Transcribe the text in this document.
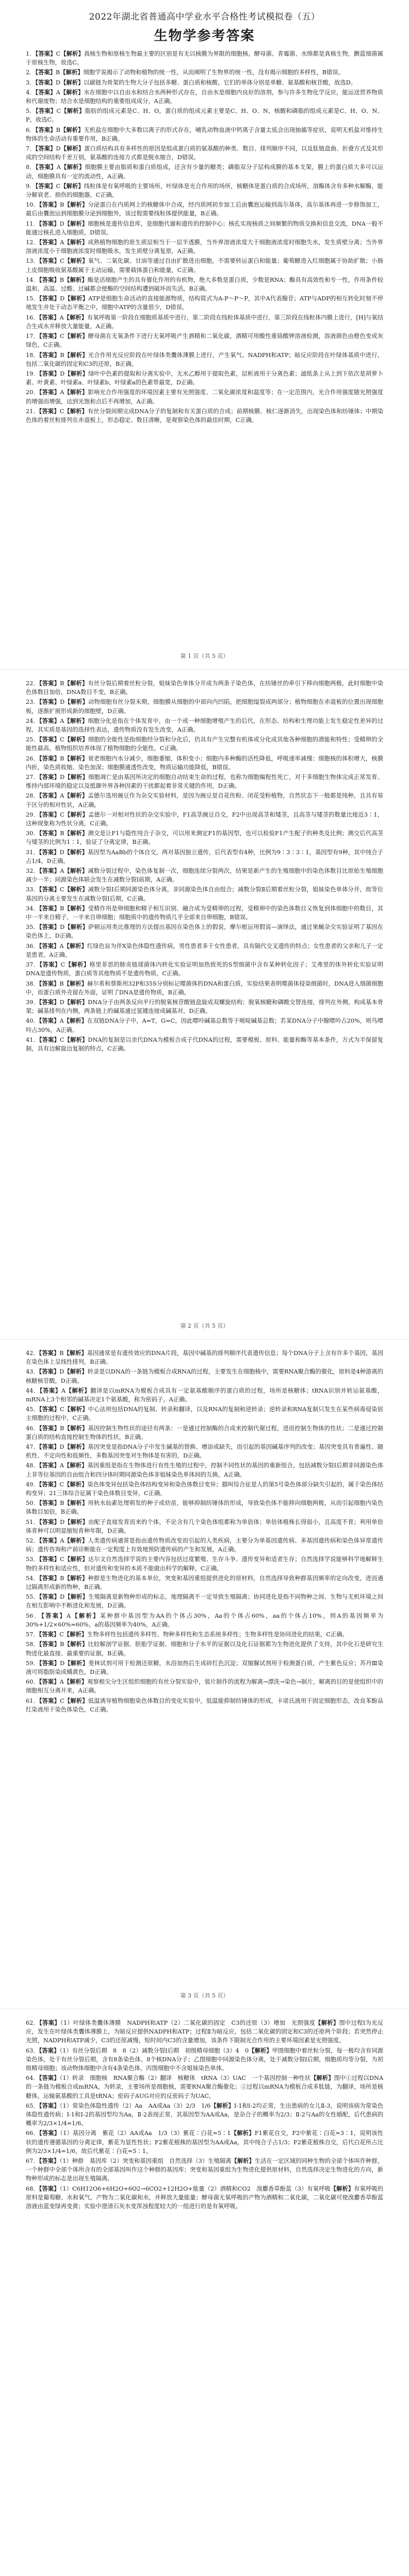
2022年湖北省普通高中学业水平合格性考试模拟卷（五）
生物学参考答案

1．【答案】C【解析】真核生物和原核生物最主要的区别是有无以核膜为界限的细胞核。酵母菌、青霉菌、水绵都是真核生物，颤蓝细菌属于原核生物，故选C。

2．【答案】B【解析】细胞学说揭示了动物和植物的统一性，从而阐明了生物界的统一性，没有揭示细胞的多样性，B错误。

3．【答案】D【解析】以碳链为骨架的生物大分子包括多糖、蛋白质和核酸，它们的单体分别是单糖、氨基酸和核苷酸，故选D。

4．【答案】A【解析】水在细胞中以自由水和结合水两种形式存在，自由水是细胞内良好的溶剂，参与许多生物化学反应，能运送营养物质和代谢废物；结合水是细胞结构的重要组成成分，A正确。

5．【答案】C【解析】脂肪的组成元素是C、H、O，蛋白质的组成元素主要是C、H、O、N，核酸和磷脂的组成元素是C、H、O、N、P，故选C。

6．【答案】B【解析】无机盐在细胞中大多数以离子的形式存在，哺乳动物血液中钙离子含量太低会出现抽搐等症状，说明无机盐对维持生物体的生命活动有重要作用，B正确。

7．【答案】D【解析】蛋白质结构具有多样性的原因是组成蛋白质的氨基酸的种类、数目、排列顺序不同，以及肽链盘曲、折叠方式及其形成的空间结构千差万别，氨基酸的连接方式都是脱水缩合，D错误。

8．【答案】A【解析】细胞膜主要由脂质和蛋白质组成，还含有少量的糖类；磷脂双分子层构成膜的基本支架，膜上的蛋白质大多可以运动，细胞膜具有一定的流动性，A正确。

9．【答案】C【解析】线粒体是有氧呼吸的主要场所，叶绿体是光合作用的场所，核糖体是蛋白质的合成场所，溶酶体含有多种水解酶，能分解衰老、损伤的细胞器，C正确。

10．【答案】B【解析】分泌蛋白在内质网上的核糖体中合成，经内质网初步加工后由囊泡运输到高尔基体，高尔基体再进一步修饰加工，最后由囊泡运到细胞膜分泌到细胞外，该过程需要线粒体提供能量，B正确。

11．【答案】D【解析】细胞核是遗传信息库，是细胞代谢和遗传的控制中心；核孔实现核质之间频繁的物质交换和信息交流，DNA一般不能通过核孔进入细胞质，D错误。

12．【答案】A【解析】成熟植物细胞的原生质层相当于一层半透膜，当外界溶液浓度大于细胞液浓度时细胞失水，发生质壁分离；当外界溶液浓度小于细胞液浓度时细胞吸水，发生质壁分离复原，A正确。

13．【答案】C【解析】氧气、二氧化碳、甘油等通过自由扩散进出细胞，不需要转运蛋白和能量；葡萄糖进入红细胞属于协助扩散；小肠上皮细胞吸收氨基酸属于主动运输，需要载体蛋白和能量，C正确。

14．【答案】B【解析】酶是活细胞产生的具有催化作用的有机物，绝大多数是蛋白质，少数是RNA；酶具有高效性和专一性，作用条件较温和，高温、过酸、过碱都会使酶的空间结构遭到破坏而失活，B正确。

15．【答案】D【解析】ATP是细胞生命活动的直接能源物质，结构简式为A-P～P～P，其中A代表腺苷；ATP与ADP的相互转化时刻不停地发生并处于动态平衡之中，细胞中ATP的含量很少，D错误。

16．【答案】A【解析】有氧呼吸第一阶段在细胞质基质中进行，第二阶段在线粒体基质中进行，第三阶段在线粒体内膜上进行，[H]与氧结合生成水并释放大量能量，A正确。

17．【答案】C【解析】酵母菌在无氧条件下进行无氧呼吸产生酒精和二氧化碳，酒精可用酸性重铬酸钾溶液检测，溶液颜色由橙色变成灰绿色，C正确。

18．【答案】B【解析】光合作用光反应阶段在叶绿体类囊体薄膜上进行，产生氧气、NADPH和ATP；暗反应阶段在叶绿体基质中进行，包括二氧化碳的固定和C3的还原，B正确。

19．【答案】D【解析】绿叶中色素的提取和分离实验中，无水乙醇用于提取色素，层析液用于分离色素；滤纸条上从上到下依次是胡萝卜素、叶黄素、叶绿素a、叶绿素b，叶绿素a的色素带最宽，D正确。

20．【答案】A【解析】影响光合作用强度的环境因素主要有光照强度、二氧化碳浓度和温度等；在一定范围内，光合作用强度随光照强度的增强而增强，达到光饱和点后不再增加，A正确。

21．【答案】C【解析】有丝分裂间期完成DNA分子的复制和有关蛋白质的合成；前期核膜、核仁逐渐消失，出现染色体和纺锤体；中期染色体的着丝粒排列在赤道板上，形态稳定、数目清晰，是观察染色体的最佳时期，C正确。

第 1 页（共 5 页）

22．【答案】B【解析】有丝分裂后期着丝粒分裂，姐妹染色单体分开成为两条子染色体，在纺锤丝的牵引下移向细胞两极，此时细胞中染色体数目加倍，DNA数目不变，B正确。

23．【答案】D【解析】动物细胞有丝分裂末期，细胞膜从细胞的中部向内凹陷，把细胞缢裂成两部分；植物细胞在赤道板的位置出现细胞板，逐渐扩展形成新的细胞壁，D正确。

24．【答案】A【解析】细胞分化是指在个体发育中，由一个或一种细胞增殖产生的后代，在形态、结构和生理功能上发生稳定性差异的过程，其实质是基因的选择性表达，遗传物质没有发生改变，A正确。

25．【答案】C【解析】细胞的全能性是指细胞经分裂和分化后，仍具有产生完整有机体或分化成其他各种细胞的潜能和特性；受精卵的全能性最高，植物组织培养体现了植物细胞的全能性，C正确。

26．【答案】B【解析】衰老细胞内水分减少，细胞萎缩，体积变小；细胞内多种酶的活性降低，呼吸速率减慢；细胞核的体积增大，核膜内折，染色质收缩、染色加深；细胞膜通透性改变，物质运输功能降低，B错误。

27．【答案】D【解析】细胞凋亡是由基因所决定的细胞自动结束生命的过程，也称为细胞编程性死亡，对于多细胞生物体完成正常发育、维持内部环境的稳定以及抵御外界各种因素的干扰都起着非常关键的作用，D正确。

28．【答案】A【解析】孟德尔选用豌豆作为杂交实验材料，是因为豌豆是自花传粉、闭花受粉植物，自然状态下一般都是纯种，且具有易于区分的相对性状，A正确。

29．【答案】C【解析】孟德尔一对相对性状的杂交实验中，F1高茎豌豆自交，F2中出现高茎和矮茎，且高茎与矮茎的数量比接近3∶1，这种现象称为性状分离，C正确。

30．【答案】B【解析】测交是让F1与隐性纯合子杂交，可以用来测定F1的基因型，也可以检验F1产生配子的种类及比例；测交后代高茎与矮茎的比例为1∶1，验证了分离定律，B正确。

31．【答案】D【解析】基因型为AaBb的个体自交，两对基因独立遗传，后代表型有4种，比例为9∶3∶3∶1，基因型有9种，其中纯合子占1/4，D正确。

32．【答案】A【解析】减数分裂过程中，染色体复制一次，细胞连续分裂两次，结果是新产生的生殖细胞中的染色体数目比原始生殖细胞减少一半；同源染色体联会发生在减数分裂Ⅰ前期，A正确。

33．【答案】C【解析】减数分裂Ⅰ后期同源染色体分离，非同源染色体自由组合；减数分裂Ⅱ后期着丝粒分裂，姐妹染色单体分开，故等位基因的分离主要发生在减数分裂Ⅰ后期，C正确。

34．【答案】B【解析】受精作用是卵细胞和精子相互识别、融合成为受精卵的过程，受精卵中的染色体数目又恢复到体细胞中的数目，其中一半来自精子，一半来自卵细胞；细胞质中的遗传物质几乎全部来自卵细胞，B错误。

35．【答案】D【解析】萨顿运用类比推理的方法提出基因在染色体上的假说，摩尔根运用假说—演绎法，通过果蝇杂交实验证明了基因在染色体上，D正确。

36．【答案】A【解析】红绿色盲为伴X染色体隐性遗传病，男性患者多于女性患者，具有隔代交叉遗传的特点；女性患者的父亲和儿子一定是患者，A正确。

37．【答案】C【解析】格里菲思的肺炎链球菌体内转化实验证明加热致死的S型细菌中含有某种转化因子；艾弗里的体外转化实验证明DNA是遗传物质，蛋白质等其他物质不是遗传物质，C正确。

38．【答案】B【解析】赫尔希和蔡斯用32P和35S分别标记噬菌体的DNA和蛋白质，实验结果表明噬菌体侵染细菌时，DNA进入细菌细胞中，而蛋白质外壳留在外面，证明了DNA是遗传物质，B正确。

39．【答案】D【解析】DNA分子由两条反向平行的脱氧核苷酸链盘旋成双螺旋结构；脱氧核糖和磷酸交替连接，排列在外侧，构成基本骨架；碱基排列在内侧，两条链上的碱基通过氢键连接成碱基对，D正确。

40．【答案】A【解析】在双链DNA分子中，A=T，G=C，因此嘌呤碱基总数等于嘧啶碱基总数；若某DNA分子中腺嘌呤占20%，则鸟嘌呤占30%，A正确。

41．【答案】C【解析】DNA的复制是以亲代DNA为模板合成子代DNA的过程，需要模板、原料、能量和酶等基本条件，方式为半保留复制，具有边解旋边复制的特点，C正确。

第 2 页（共 5 页）

42．【答案】B【解析】基因通常是有遗传效应的DNA片段，基因中碱基的排列顺序代表遗传信息；每个DNA分子上含有许多个基因，基因在染色体上呈线性排列，B正确。

43．【答案】D【解析】转录是以DNA的一条链为模板合成RNA的过程，主要发生在细胞核中，需要RNA聚合酶的催化，原料是4种游离的核糖核苷酸，D正确。

44．【答案】A【解析】翻译是以mRNA为模板合成具有一定氨基酸顺序的蛋白质的过程，场所是核糖体；tRNA识别并转运氨基酸，mRNA上3个相邻的碱基决定1个氨基酸，称为密码子，A正确。

45．【答案】C【解析】中心法则包括DNA的复制、转录和翻译，以及RNA的复制和逆转录；逆转录和RNA复制只发生在某些病毒侵染宿主细胞的过程中，C正确。

46．【答案】B【解析】基因控制生物性状的途径有两条：一是通过控制酶的合成来控制代谢过程，进而控制生物体的性状；二是通过控制蛋白质的结构直接控制生物体的性状，B正确。

47．【答案】D【解析】基因突变是指DNA分子中发生碱基的替换、增添或缺失，而引起的基因碱基序列的改变；基因突变具有普遍性、随机性、不定向性和低频性，多数基因突变对生物体是有害的，D正确。

48．【答案】A【解析】基因重组是指在生物体进行有性生殖的过程中，控制不同性状的基因的重新组合，包括减数分裂Ⅰ后期非同源染色体上非等位基因的自由组合和四分体时期同源染色体非姐妹染色单体间的互换，A正确。

49．【答案】C【解析】染色体变异包括染色体结构变异和染色体数目变异；猫叫综合征是人的第5号染色体部分缺失引起的，属于染色体结构变异；21三体综合征属于染色体数目变异，C正确。

50．【答案】B【解析】用秋水仙素处理萌发的种子或幼苗，能够抑制纺锤体的形成，导致染色体不能移向细胞两极，从而引起细胞内染色体数目加倍，B正确。

51．【答案】D【解析】由配子直接发育而来的个体，不论含有几个染色体组都称为单倍体；单倍体植株长得弱小，且高度不育；利用单倍体育种可以明显缩短育种年限，D正确。

52．【答案】A【解析】人类遗传病通常是指由遗传物质改变而引起的人类疾病，主要分为单基因遗传病、多基因遗传病和染色体异常遗传病；遗传咨询和产前诊断能在一定程度上有效地预防遗传病的产生和发展，A正确。

53．【答案】C【解析】达尔文自然选择学说的主要内容包括过度繁殖、生存斗争、遗传变异和适者生存；自然选择学说能够科学地解释生物的多样性和适应性，但对遗传和变异的本质不能做出科学的解释，C正确。

54．【答案】B【解析】种群是生物进化的基本单位，突变和基因重组提供进化的原材料，自然选择导致种群基因频率的定向改变，进而通过隔离形成新的物种，B正确。

55．【答案】D【解析】生殖隔离是新物种形成的标志，地理隔离不一定导致生殖隔离；协同进化是指不同物种之间、生物与无机环境之间在相互影响中不断进化和发展，D正确。

56．【答案】A【解析】某种群中基因型为AA的个体占30%，Aa的个体占60%，aa的个体占10%，则A的基因频率为30%+1/2×60%=60%，a的基因频率为40%，A正确。

57．【答案】C【解析】生物多样性包括遗传多样性、物种多样性和生态系统多样性；生物多样性是协同进化的结果，C正确。

58．【答案】B【解析】比较解剖学证据、胚胎学证据、细胞和分子水平的证据以及化石证据都为生物进化提供了支持，其中化石是研究生物进化最直接、最重要的证据，B正确。

59．【答案】D【解析】斐林试剂可用于检测还原糖，水浴加热后生成砖红色沉淀；双缩脲试剂用于检测蛋白质，产生紫色反应；苏丹Ⅲ染液可将脂肪染成橘黄色，D正确。

60．【答案】A【解析】观察根尖分生区组织细胞的有丝分裂实验中，装片制作的流程为解离→漂洗→染色→制片，解离的目的是使组织中的细胞相互分离开来，A正确。

61．【答案】C【解析】低温诱导植物细胞染色体数目的变化实验中，低温能抑制纺锤体的形成，卡诺氏液用于固定细胞形态，改良苯酚品红染液用于染色体染色，C正确。

第 3 页（共 5 页）

62．【答案】（1）叶绿体类囊体薄膜　NADPH和ATP（2）二氧化碳的固定　C3的还原（3）增加　光照强度【解析】图中过程Ⅰ为光反应，发生在叶绿体类囊体薄膜上，为暗反应提供NADPH和ATP；过程Ⅱ为暗反应，包括二氧化碳的固定和C3的还原两个阶段；若突然停止光照，NADPH和ATP减少，C3的还原减慢，短时间内C3的含量增加，该条件下限制光合作用的主要环境因素是光照强度。

63．【答案】（1）有丝分裂后期　8　8（2）减数分裂Ⅰ后期　初级精母细胞（3）4　0【解析】甲图细胞中着丝粒分裂，每一极均含有同源染色体，处于有丝分裂后期，含有8条染色体、8个核DNA分子；乙图细胞中同源染色体分离，处于减数分裂Ⅰ后期，细胞质均等分裂，为初级精母细胞；该动物体细胞中含有4条染色体，丙图细胞中不含姐妹染色单体。

64．【答案】（1）转录　细胞核　RNA聚合酶（2）翻译　核糖体　tRNA（3）UAC　一个基因控制一种性状【解析】图中①过程以DNA的一条链为模板合成mRNA，为转录，主要场所是细胞核，需要RNA聚合酶催化；②过程以mRNA为模板合成多肽链，为翻译，场所是核糖体，运输氨基酸的工具是tRNA；密码子AUG对应的反密码子为UAC。

65．【答案】（1）常染色体隐性遗传（2）Aa　AA或Aa（3）2/3　1/6【解析】Ⅰ-1和Ⅰ-2均正常，生出患病的女儿Ⅱ-3，说明该病为常染色体隐性遗传病；Ⅰ-1和Ⅰ-2的基因型均为Aa，Ⅱ-2表现正常，其基因型为AA或Aa，是杂合子的概率为2/3；Ⅱ-2与Aa的女性婚配，后代患病的概率为2/3×1/4=1/6。

66．【答案】（1）基因分离　紫花（2）AA或Aa　1/3（3）紫花∶白花=5∶1【解析】F1紫花自交，F2中紫花∶白花≈3∶1，说明该性状的遗传遵循基因的分离定律，紫花为显性性状；F2紫花植株的基因型为AA或Aa，其中纯合子占1/3；F2紫花植株自交，后代白花所占比例为2/3×1/4=1/6，故后代紫花∶白花=5∶1。

67．【答案】（1）种群　基因库（2）突变和基因重组　自然选择（3）生殖隔离【解析】生活在一定区域的同种生物的全部个体叫作种群，一个种群中全部个体所含有的全部基因叫作这个种群的基因库；突变和基因重组为生物进化提供原材料，自然选择决定生物进化的方向，新物种形成的标志是出现生殖隔离。

68．【答案】（1）C6H12O6+6H2O+6O2→6CO2+12H2O+能量（2）酒精和CO2　溴麝香草酚蓝（3）有氧呼吸【解析】有氧呼吸的原料是葡萄糖、水和氧气，产物为二氧化碳和水，并释放大量能量；酵母菌无氧呼吸的产物为酒精和二氧化碳，二氧化碳可使溴麝香草酚蓝溶液由蓝变绿再变黄；实验中澄清石灰水变浑浊程度较大的一组进行的是有氧呼吸。
